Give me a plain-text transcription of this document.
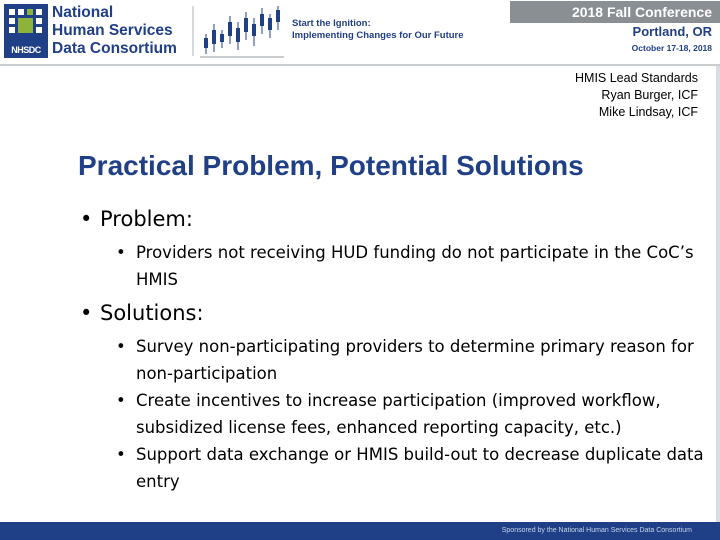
NHSDC
National
Human Services
Data Consortium
Start the Ignition:
Implementing Changes for Our Future
2018 Fall Conference
Portland, OR
October 17-18, 2018
HMIS Lead Standards
Ryan Burger, ICF
Mike Lindsay, ICF
Practical Problem, Potential Solutions
• Problem:
• Providers not receiving HUD funding do not participate in the CoC’s HMIS
• Solutions:
• Survey non-participating providers to determine primary reason for non-participation
• Create incentives to increase participation (improved workflow, subsidized license fees, enhanced reporting capacity, etc.)
• Support data exchange or HMIS build-out to decrease duplicate data entry
Sponsored by the National Human Services Data Consortium
